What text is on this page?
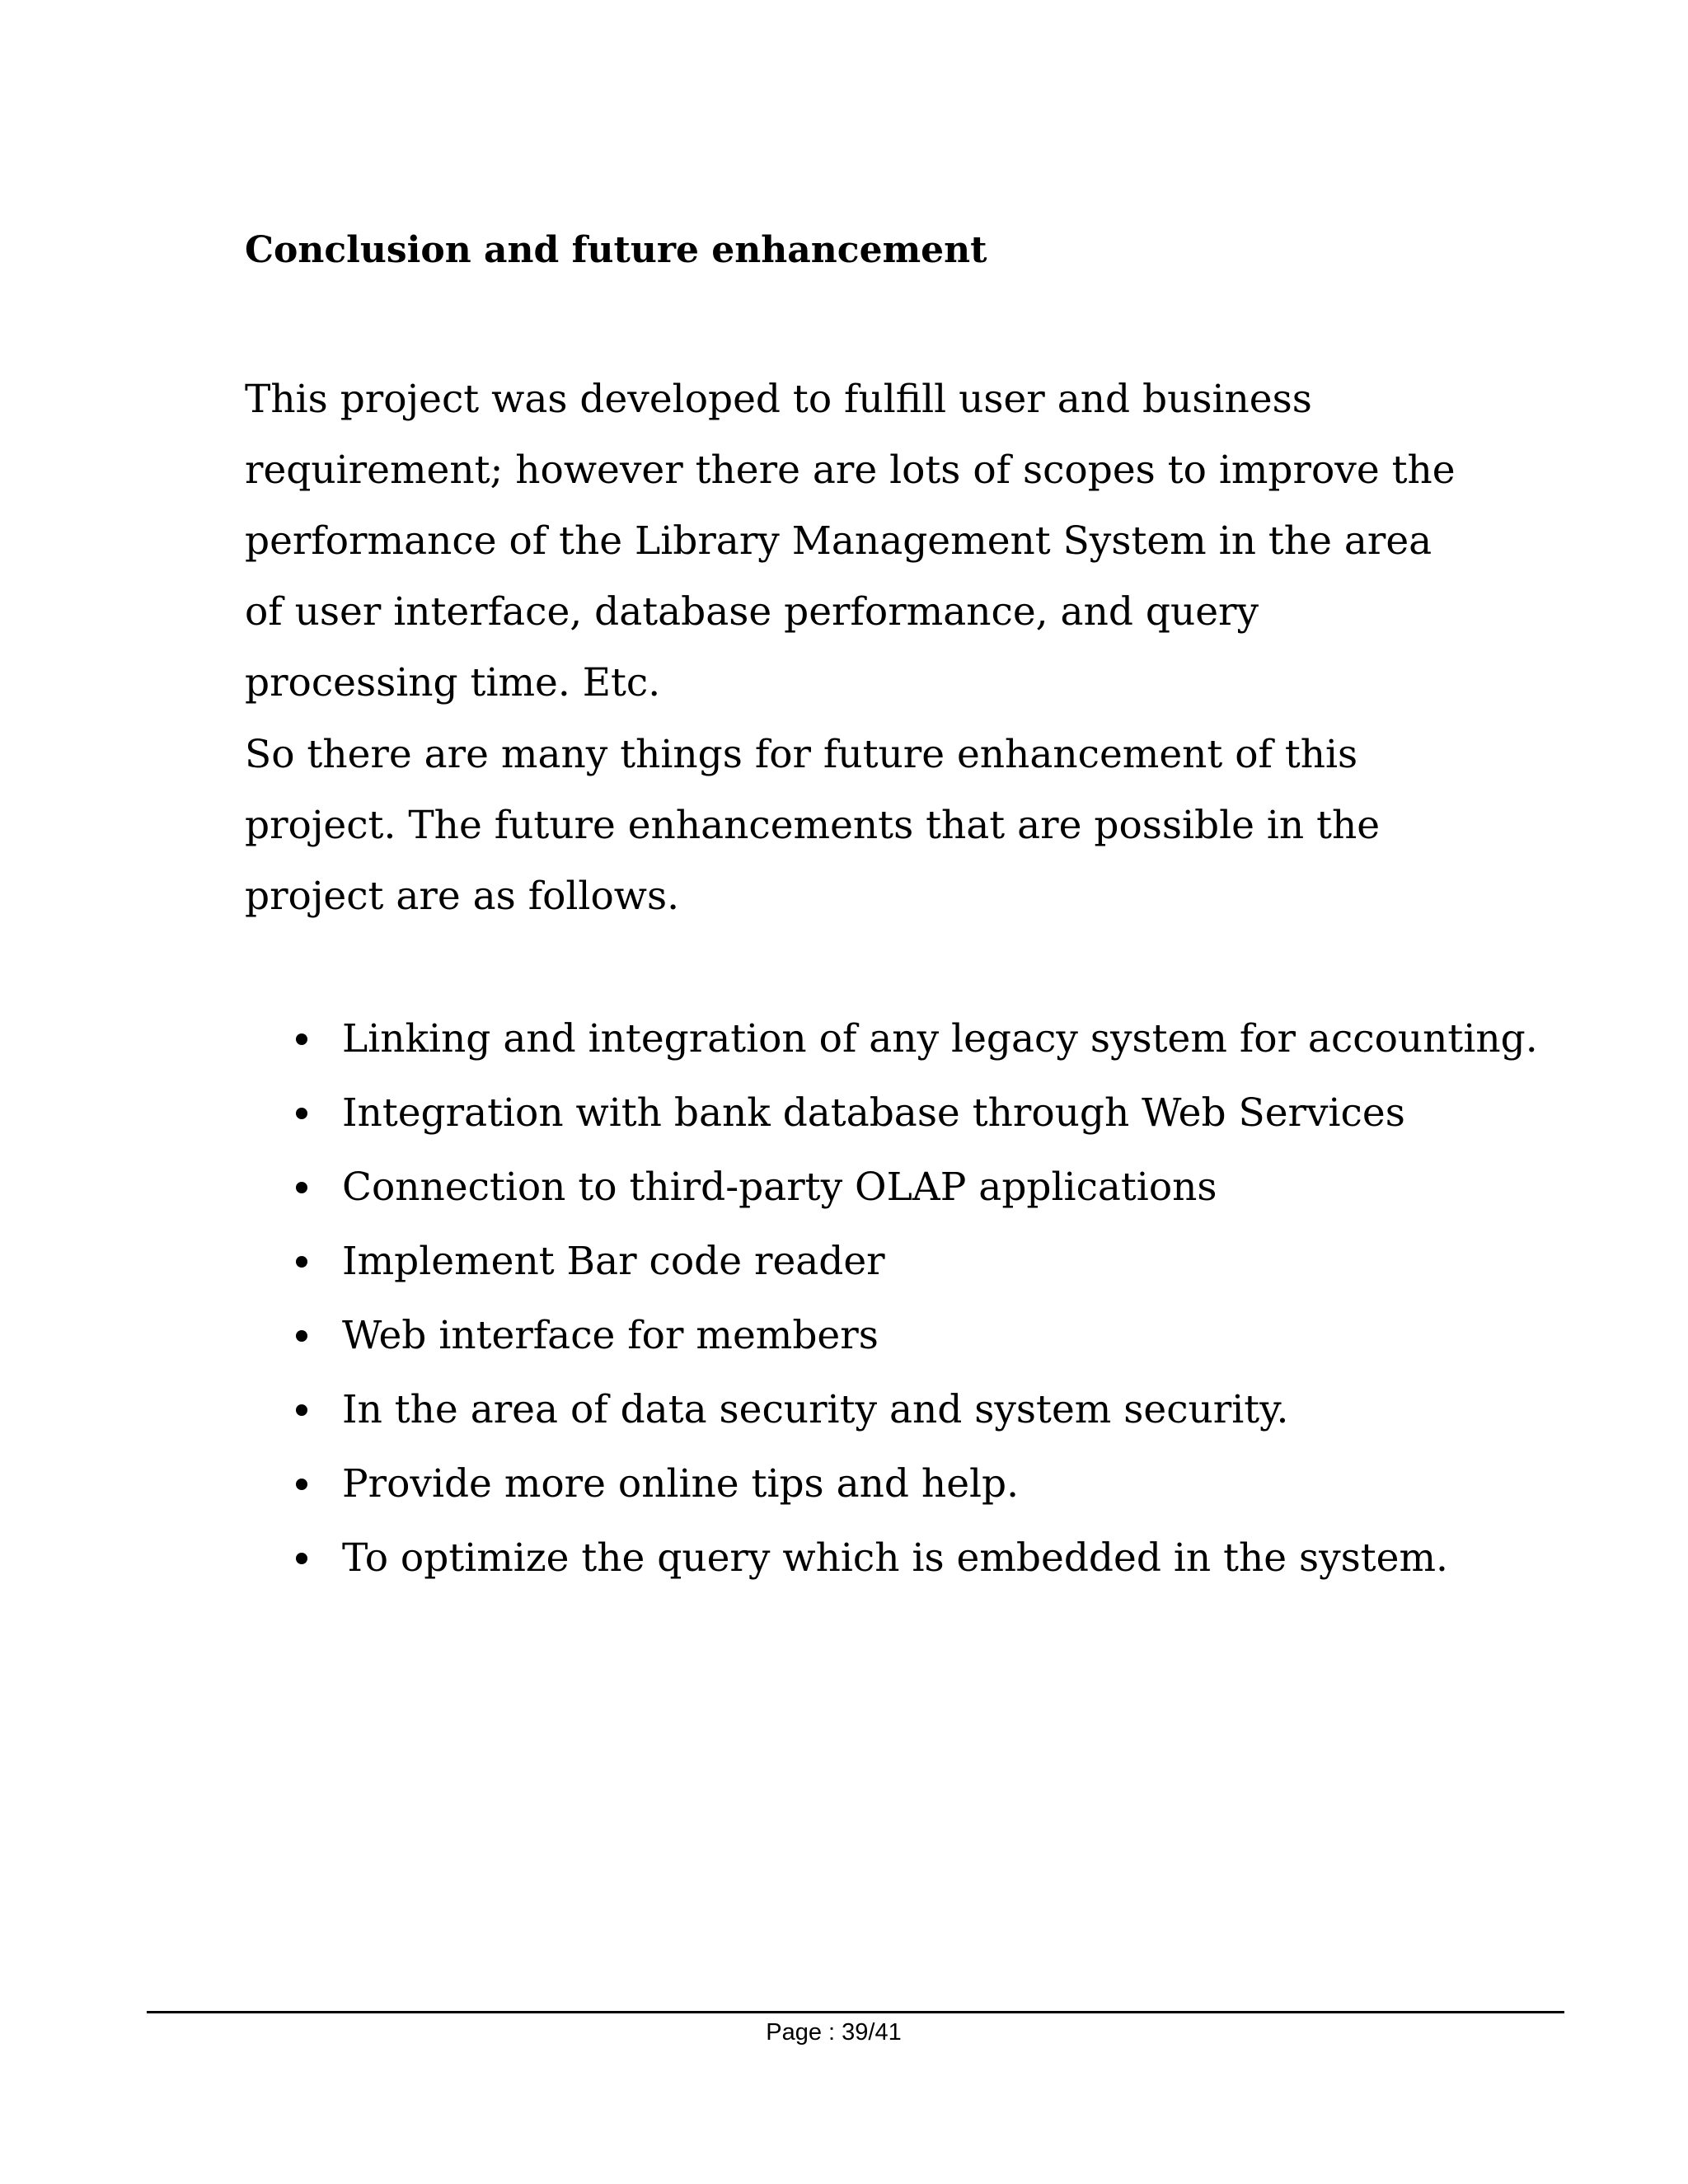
Conclusion and future enhancement

This project was developed to fulfill user and business requirement; however there are lots of scopes to improve the performance of the Library Management System in the area of user interface, database performance, and query processing time. Etc.

So there are many things for future enhancement of this project. The future enhancements that are possible in the project are as follows.

Linking and integration of any legacy system for accounting.
Integration with bank database through Web Services
Connection to third-party OLAP applications
Implement Bar code reader
Web interface for members
In the area of data security and system security.
Provide more online tips and help.
To optimize the query which is embedded in the system.
Page : 39/41
